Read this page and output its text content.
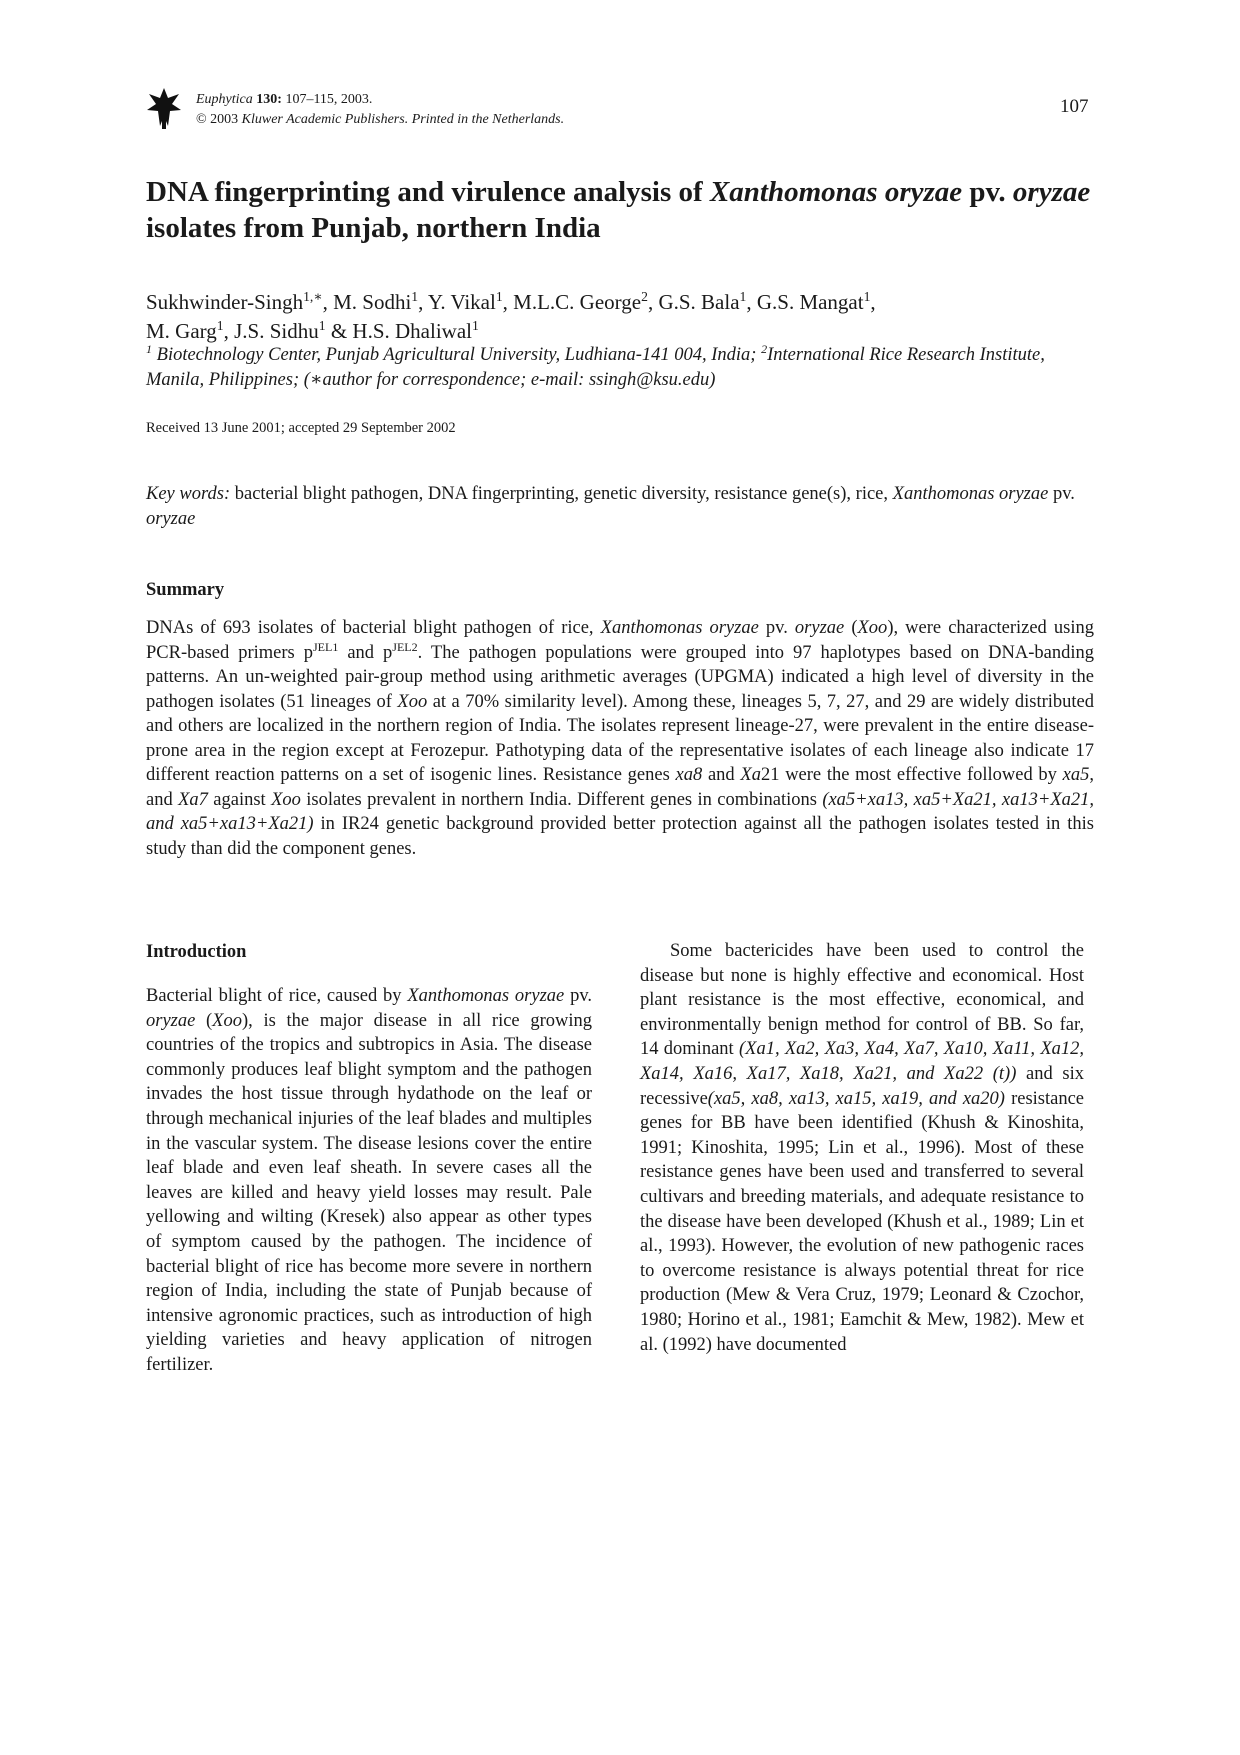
Euphytica 130: 107–115, 2003.
© 2003 Kluwer Academic Publishers. Printed in the Netherlands.
107
DNA fingerprinting and virulence analysis of Xanthomonas oryzae pv. oryzae isolates from Punjab, northern India
Sukhwinder-Singh$^{1,∗}$, M. Sodhi$^1$, Y. Vikal$^1$, M.L.C. George$^2$, G.S. Bala$^1$, G.S. Mangat$^1$,
M. Garg$^1$, J.S. Sidhu$^1$ & H.S. Dhaliwal$^1$
$^1$ Biotechnology Center, Punjab Agricultural University, Ludhiana-141 004, India; $^2$International Rice Research Institute, Manila, Philippines; (∗author for correspondence; e-mail: ssingh@ksu.edu)
Received 13 June 2001; accepted 29 September 2002
Key words: bacterial blight pathogen, DNA fingerprinting, genetic diversity, resistance gene(s), rice, Xanthomonas oryzae pv. oryzae
Summary

DNAs of 693 isolates of bacterial blight pathogen of rice, Xanthomonas oryzae pv. oryzae (Xoo), were characterized using PCR-based primers $p^{JEL1}$ and $p^{JEL2}$. The pathogen populations were grouped into 97 haplotypes based on DNA-banding patterns. An un-weighted pair-group method using arithmetic averages (UPGMA) indicated a high level of diversity in the pathogen isolates (51 lineages of Xoo at a 70% similarity level). Among these, lineages 5, 7, 27, and 29 are widely distributed and others are localized in the northern region of India. The isolates represent lineage-27, were prevalent in the entire disease-prone area in the region except at Ferozepur. Pathotyping data of the representative isolates of each lineage also indicate 17 different reaction patterns on a set of isogenic lines. Resistance genes xa8 and Xa21 were the most effective followed by xa5, and Xa7 against Xoo isolates prevalent in northern India. Different genes in combinations (xa5+xa13, xa5+Xa21, xa13+Xa21, and xa5+xa13+Xa21) in IR24 genetic background provided better protection against all the pathogen isolates tested in this study than did the component genes.

Introduction

Bacterial blight of rice, caused by Xanthomonas oryzae pv. oryzae (Xoo), is the major disease in all rice growing countries of the tropics and subtropics in Asia. The disease commonly produces leaf blight symptom and the pathogen invades the host tissue through hydathode on the leaf or through mechanical injuries of the leaf blades and multiples in the vascular system. The disease lesions cover the entire leaf blade and even leaf sheath. In severe cases all the leaves are killed and heavy yield losses may result. Pale yellowing and wilting (Kresek) also appear as other types of symptom caused by the pathogen. The incidence of bacterial blight of rice has become more severe in northern region of India, including the state of Punjab because of intensive agronomic practices, such as introduction of high yielding varieties and heavy application of nitrogen fertilizer.

Some bactericides have been used to control the disease but none is highly effective and economical. Host plant resistance is the most effective, economical, and environmentally benign method for control of BB. So far, 14 dominant (Xa1, Xa2, Xa3, Xa4, Xa7, Xa10, Xa11, Xa12, Xa14, Xa16, Xa17, Xa18, Xa21, and Xa22 (t)) and six recessive(xa5, xa8, xa13, xa15, xa19, and xa20) resistance genes for BB have been identified (Khush & Kinoshita, 1991; Kinoshita, 1995; Lin et al., 1996). Most of these resistance genes have been used and transferred to several cultivars and breeding materials, and adequate resistance to the disease have been developed (Khush et al., 1989; Lin et al., 1993). However, the evolution of new pathogenic races to overcome resistance is always potential threat for rice production (Mew & Vera Cruz, 1979; Leonard & Czochor, 1980; Horino et al., 1981; Eamchit & Mew, 1982). Mew et al. (1992) have documented
